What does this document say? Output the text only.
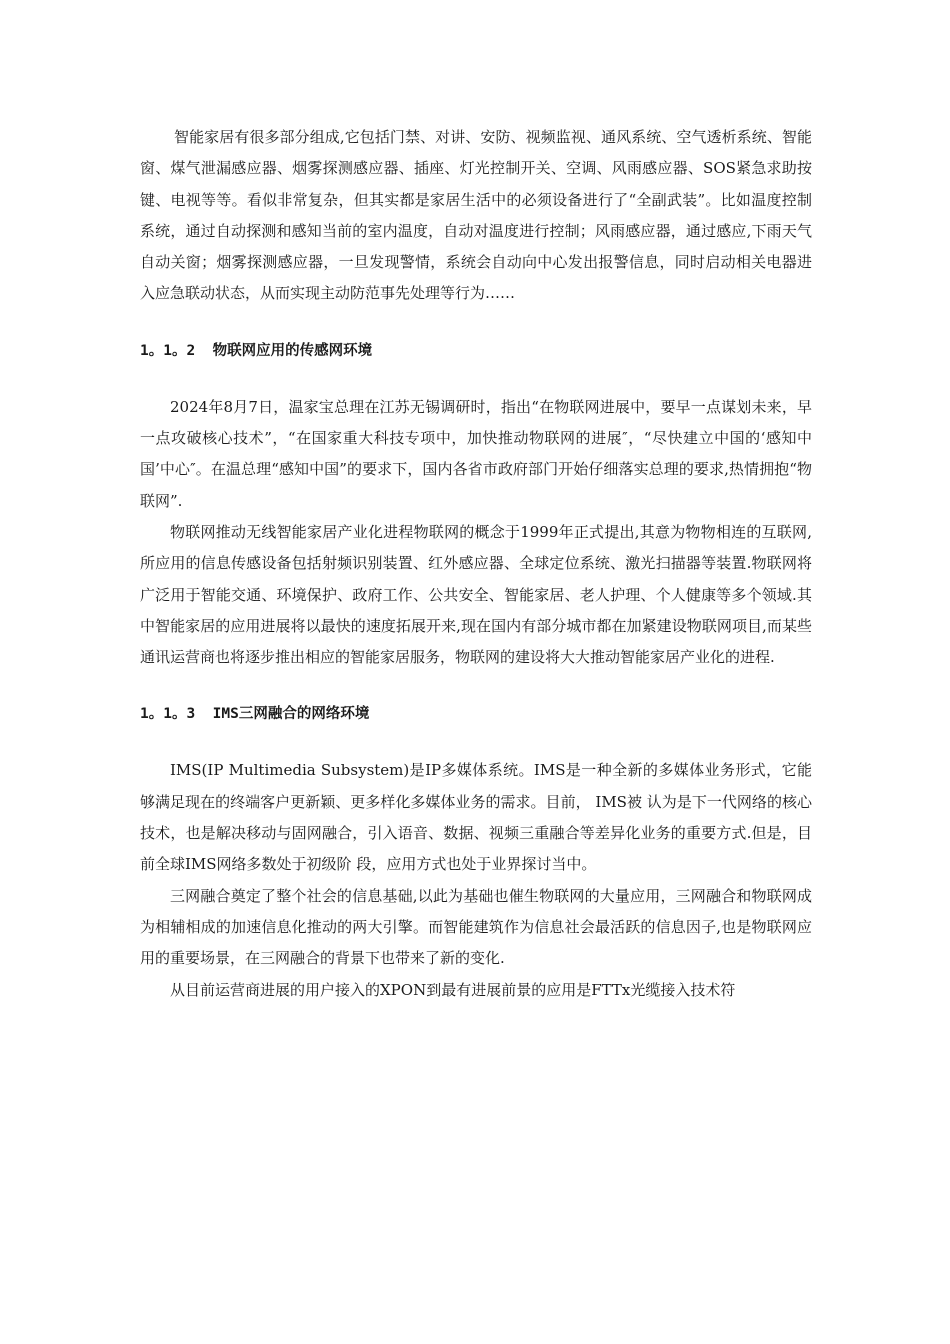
智能家居有很多部分组成,它包括门禁、对讲、安防、视频监视、通风系统、空气透析系统、智能窗、煤气泄漏感应器、烟雾探测感应器、插座、灯光控制开关、空调、风雨感应器、SOS紧急求助按键、电视等等。看似非常复杂，但其实都是家居生活中的必须设备进行了“全副武装”。比如温度控制系统，通过自动探测和感知当前的室内温度，自动对温度进行控制；风雨感应器，通过感应,下雨天气自动关窗；烟雾探测感应器，一旦发现警情，系统会自动向中心发出报警信息，同时启动相关电器进入应急联动状态，从而实现主动防范事先处理等行为……

1。1。2  物联网应用的传感网环境

2024年8月7日，温家宝总理在江苏无锡调研时，指出“在物联网进展中，要早一点谋划未来，早一点攻破核心技术”，“在国家重大科技专项中，加快推动物联网的进展″，“尽快建立中国的‘感知中国’中心″。在温总理“感知中国”的要求下，国内各省市政府部门开始仔细落实总理的要求,热情拥抱“物联网”.

物联网推动无线智能家居产业化进程物联网的概念于1999年正式提出,其意为物物相连的互联网,所应用的信息传感设备包括射频识别装置、红外感应器、全球定位系统、激光扫描器等装置.物联网将广泛用于智能交通、环境保护、政府工作、公共安全、智能家居、老人护理、个人健康等多个领域.其中智能家居的应用进展将以最快的速度拓展开来,现在国内有部分城市都在加紧建设物联网项目,而某些通讯运营商也将逐步推出相应的智能家居服务，物联网的建设将大大推动智能家居产业化的进程.

1。1。3  IMS三网融合的网络环境

IMS(IP Multimedia Subsystem)是IP多媒体系统。IMS是一种全新的多媒体业务形式，它能够满足现在的终端客户更新颖、更多样化多媒体业务的需求。目前， IMS被 认为是下一代网络的核心技术，也是解决移动与固网融合，引入语音、数据、视频三重融合等差异化业务的重要方式.但是，目前全球IMS网络多数处于初级阶 段，应用方式也处于业界探讨当中。

三网融合奠定了整个社会的信息基础,以此为基础也催生物联网的大量应用，三网融合和物联网成为相辅相成的加速信息化推动的两大引擎。而智能建筑作为信息社会最活跃的信息因子,也是物联网应用的重要场景，在三网融合的背景下也带来了新的变化.

从目前运营商进展的用户接入的XPON到最有进展前景的应用是FTTx光缆接入技术符
